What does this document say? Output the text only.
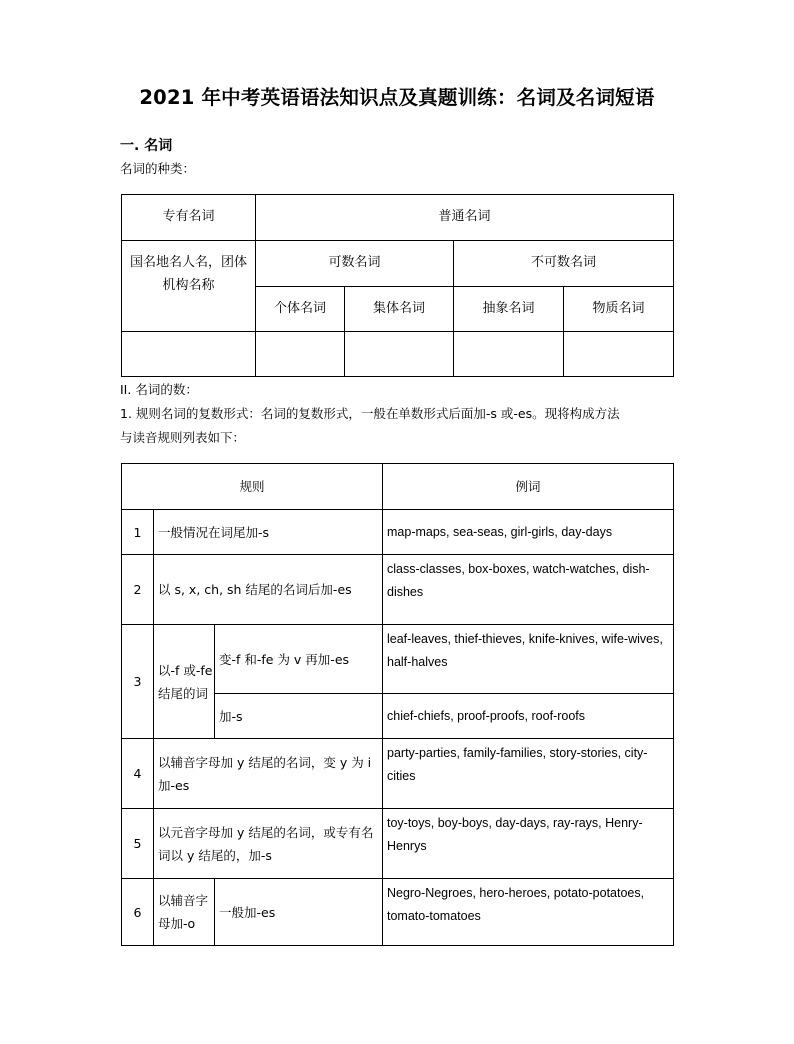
2021 年中考英语语法知识点及真题训练：名词及名词短语
一. 名词
名词的种类：
专有名词	普通名词			
国名地名人名，团体机构名称	可数名词		不可数名词	
	个体名词	集体名词	抽象名词	物质名词

II. 名词的数：
1. 规则名词的复数形式：名词的复数形式，一般在单数形式后面加-s 或-es。现将构成方法
与读音规则列表如下：
规则			例词
1	一般情况在词尾加-s		map-maps, sea-seas, girl-girls, day-days
2	以 s, x, ch, sh 结尾的名词后加-es		class-classes, box-boxes, watch-watches, dish-dishes
3	以-f 或-fe 结尾的词	变-f 和-fe 为 v 再加-es	leaf-leaves, thief-thieves, knife-knives, wife-wives, half-halves
		加-s	chief-chiefs, proof-proofs, roof-roofs
4	以辅音字母加 y 结尾的名词，变 y 为 i 加-es		party-parties, family-families, story-stories, city-cities
5	以元音字母加 y 结尾的名词，或专有名词以 y 结尾的，加-s		toy-toys, boy-boys, day-days, ray-rays, Henry-Henrys
6	以辅音字母加-o	一般加-es	Negro-Negroes, hero-heroes, potato-potatoes, tomato-tomatoes
